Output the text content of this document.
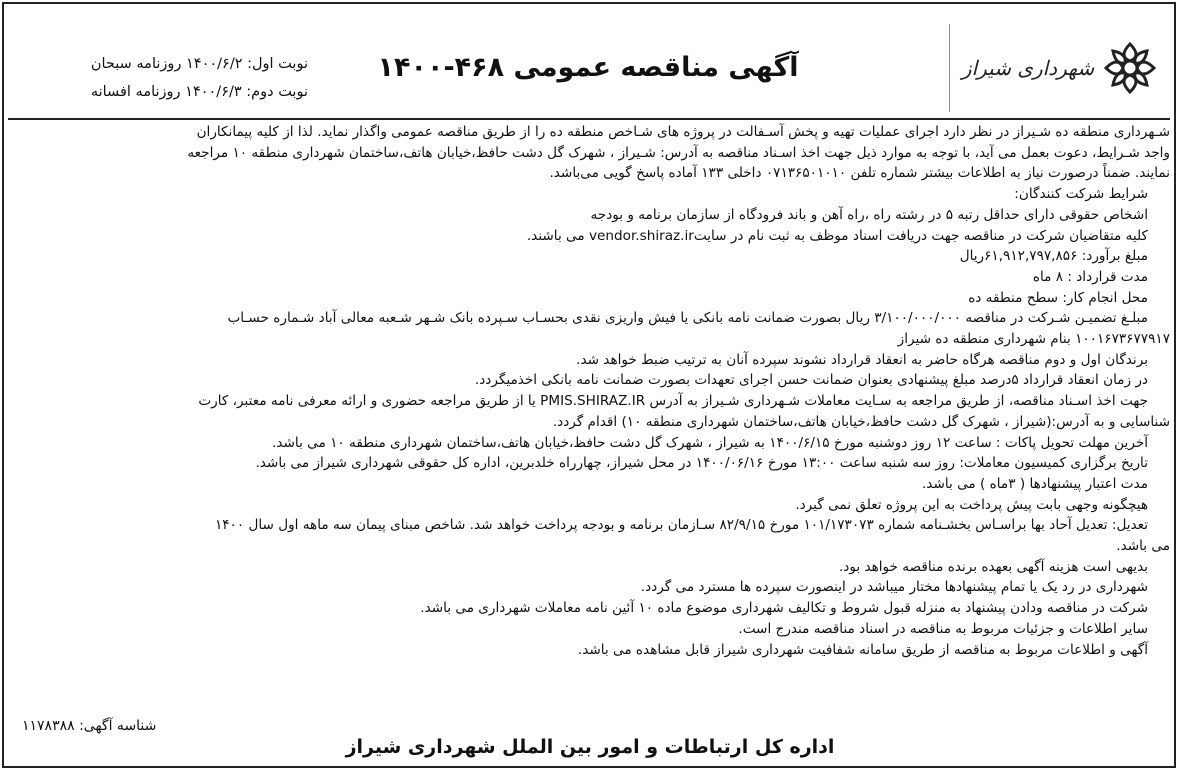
شهرداری شیراز
آگهی مناقصه عمومی ۴۶۸-۱۴۰۰
نوبت اول: ۱۴۰۰/۶/۲ روزنامه سبحان
نوبت دوم: ۱۴۰۰/۶/۳ روزنامه افسانه

شـهرداری منطقه ده شـیراز در نظر دارد اجرای عملیات تهیه و پخش آسـفالت در پروژه های شـاخص منطقه ده را از طریق مناقصه عمومی واگذار نماید. لذا از کلیه پیمانکاران

واجد شـرایط، دعوت بعمل می آید، با توجه به موارد ذیل جهت اخذ اسـناد مناقصه به آدرس: شـیراز ، شهرک گل دشت حافظ،خیابان هاتف،ساختمان شهرداری منطقه ۱۰ مراجعه

نمایند. ضمناً درصورت نیاز به اطلاعات بیشتر شماره تلفن ۰۷۱۳۶۵۰۱۰۱۰ داخلی ۱۳۳ آماده پاسخ گویی می‌باشد.

شرایط شرکت کنندگان:

اشخاص حقوقی دارای حداقل رتبه ۵ در رشته راه ،راه آهن و باند فرودگاه از سازمان برنامه و بودجه

کلیه متقاضیان شرکت در مناقصه جهت دریافت اسناد موظف به ثبت نام در سایتvendor.shiraz.ir می باشند.

مبلغ برآورد: ۶۱,۹۱۲,۷۹۷,۸۵۶ریال

مدت قرارداد : ۸ ماه

محل انجام کار: سطح منطقه ده

مبلـغ تضمیـن شـرکت در مناقصه ۳/۱۰۰/۰۰۰/۰۰۰ ریال بصورت ضمانت نامه بانکی یا فیش واریزی نقدی بحسـاب سـپرده بانک شـهر شـعبه معالی آباد شـماره حسـاب

۱۰۰۱۶۷۳۶۷۷۹۱۷ بنام شهرداری منطقه ده شیراز

برندگان اول و دوم مناقصه هرگاه حاضر به انعقاد قرارداد نشوند سپرده آنان به ترتیب ضبط خواهد شد.

در زمان انعقاد قرارداد ۵درصد مبلغ پیشنهادی بعنوان ضمانت حسن اجرای تعهدات بصورت ضمانت نامه بانکی اخذمیگردد.

جهت اخذ اسـناد مناقصه، از طریق مراجعه به سـایت معاملات شـهرداری شـیراز به آدرس PMIS.SHIRAZ.IR یا از طریق مراجعه حضوری و ارائه معرفی نامه معتبر، کارت

شناسایی و به آدرس:(شیراز ، شهرک گل دشت حافظ،خیابان هاتف،ساختمان شهرداری منطقه ۱۰) اقدام گردد.

آخرین مهلت تحویل پاکات : ساعت ۱۲ روز دوشنبه مورخ ۱۴۰۰/۶/۱۵ به شیراز ، شهرک گل دشت حافظ،خیابان هاتف،ساختمان شهرداری منطقه ۱۰ می باشد.

تاریخ برگزاری کمیسیون معاملات: روز سه شنبه ساعت ۱۳:۰۰ مورخ ۱۴۰۰/۰۶/۱۶ در محل شیراز، چهارراه خلدبرین، اداره کل حقوقی شهرداری شیراز می باشد.

مدت اعتبار پیشنهادها ( ۳ماه ) می باشد.

هیچگونه وجهی بابت پیش پرداخت به این پروژه تعلق نمی گیرد.

تعدیل: تعدیل آحاد بها براسـاس بخشـنامه شماره ۱۰۱/۱۷۳۰۷۳ مورخ ۸۲/۹/۱۵ سـازمان برنامه و بودجه پرداخت خواهد شد. شاخص مبنای پیمان سه ماهه اول سال ۱۴۰۰

می باشد.

بدیهی است هزینه آگهی بعهده برنده مناقصه خواهد بود.

شهرداری در رد یک یا تمام پیشنهادها مختار میباشد در اینصورت سپرده ها مسترد می گردد.

شرکت در مناقصه ودادن پیشنهاد به منزله قبول شروط و تکالیف شهرداری موضوع ماده ۱۰ آئین نامه معاملات شهرداری می باشد.

سایر اطلاعات و جزئیات مربوط به مناقصه در اسناد مناقصه مندرج است.

آگهی و اطلاعات مربوط به مناقصه از طریق سامانه شفافیت شهرداری شیراز قابل مشاهده می باشد.

شناسه آگهی: ۱۱۷۸۳۸۸
اداره کل ارتباطات و امور بین الملل شهرداری شیراز
